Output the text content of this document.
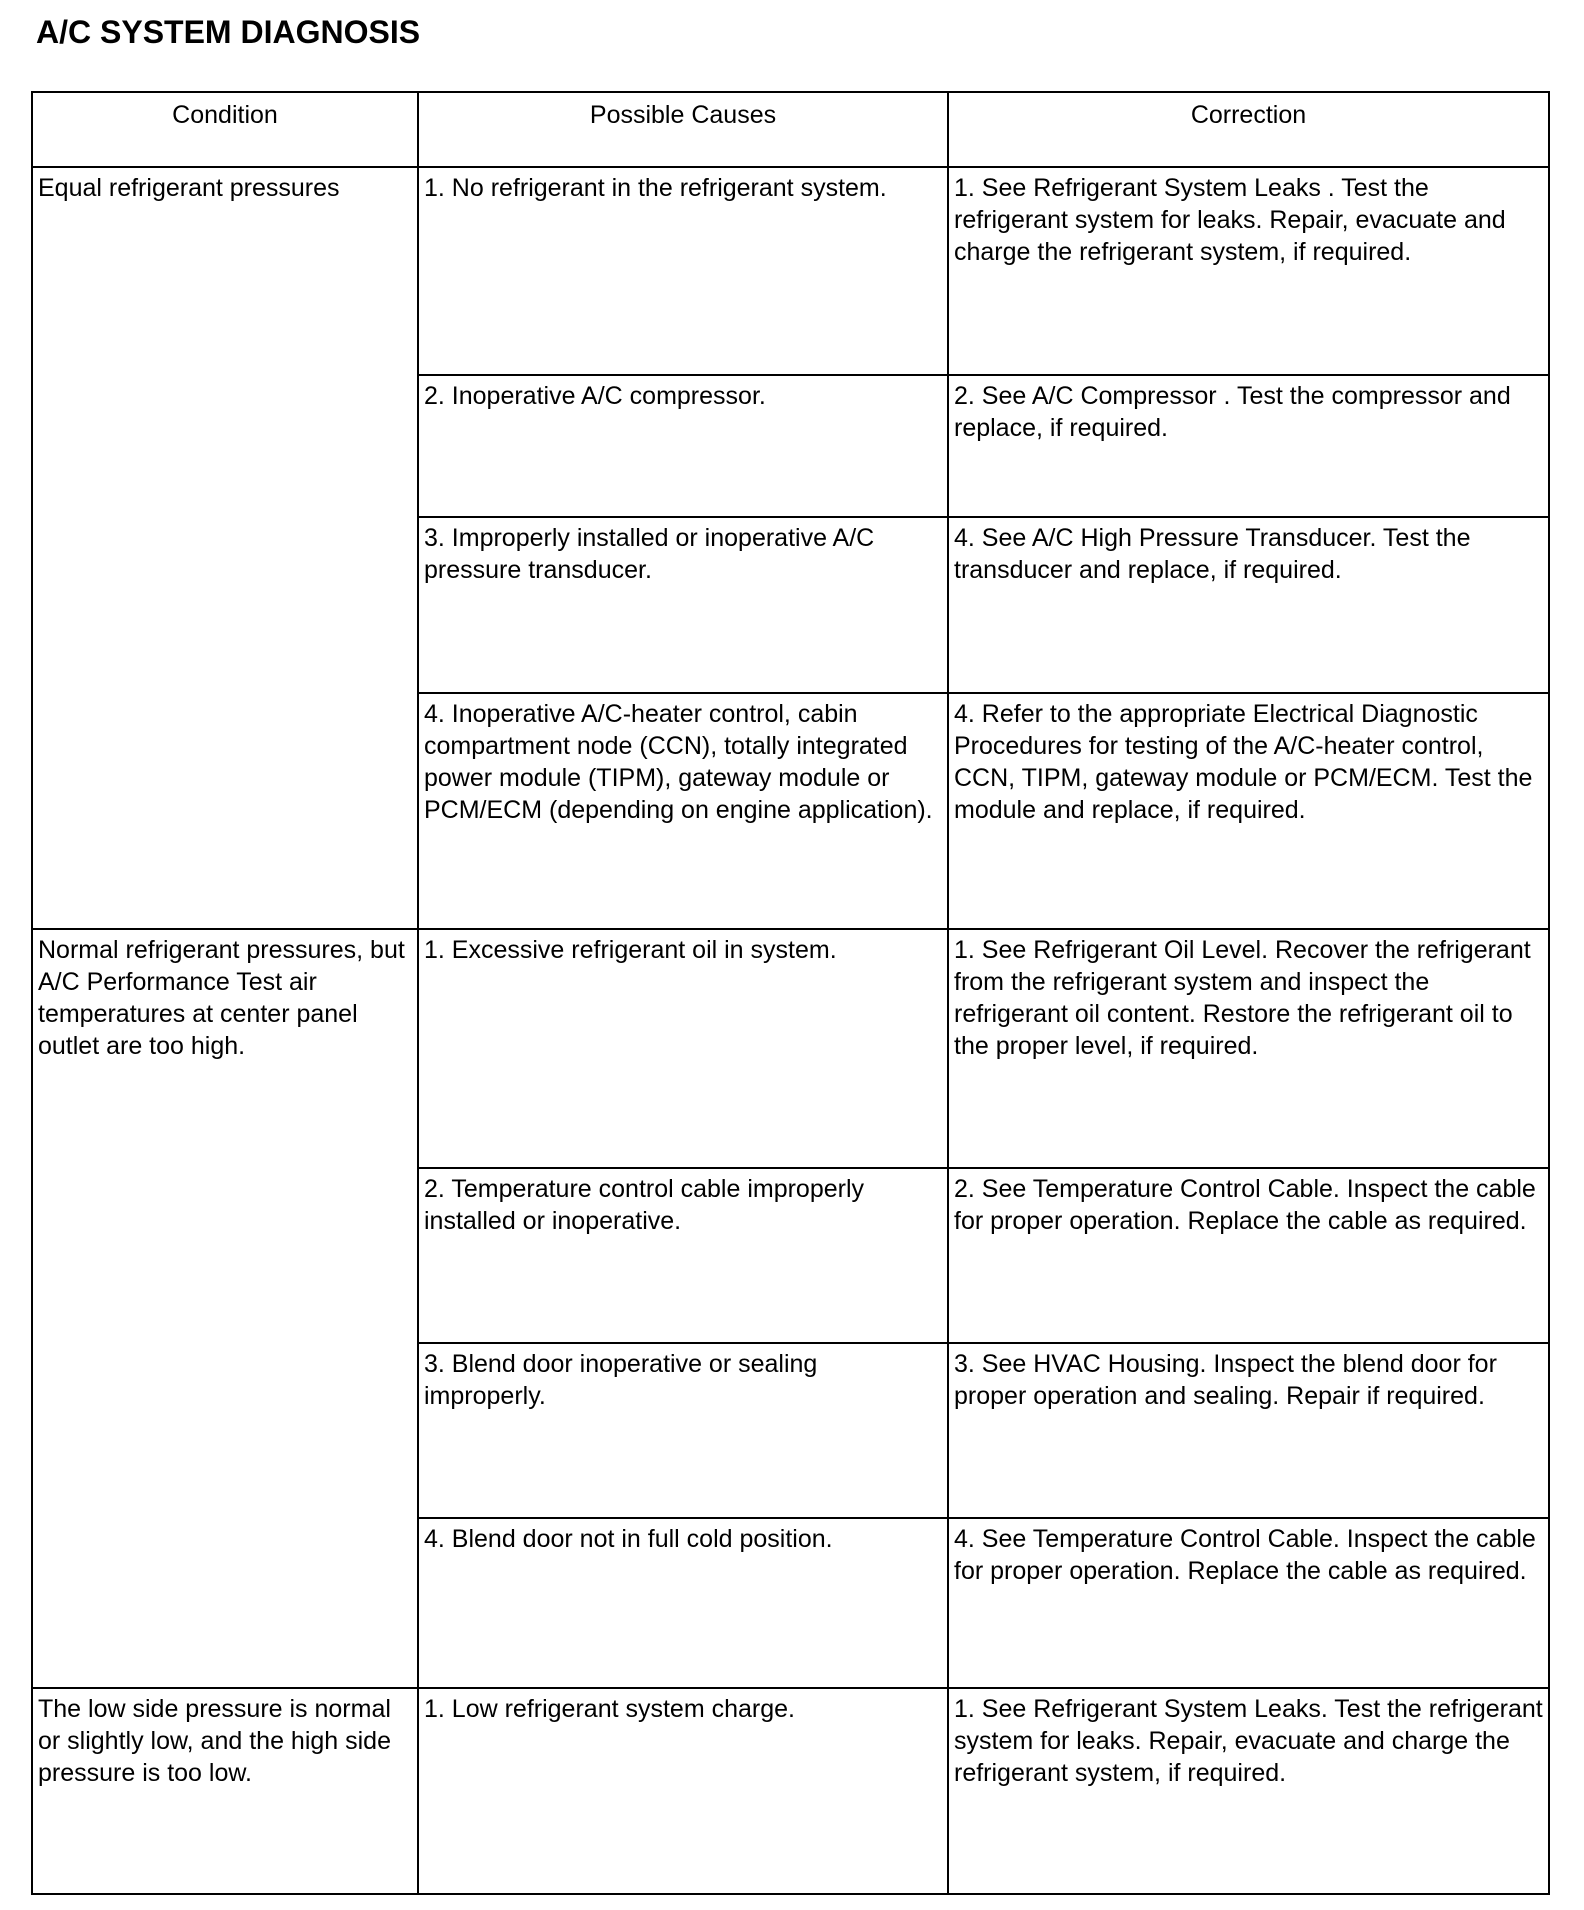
A/C SYSTEM DIAGNOSIS
Condition	Possible Causes	Correction
Equal refrigerant pressures	1. No refrigerant in the refrigerant system.	1. See Refrigerant System Leaks . Test the refrigerant system for leaks. Repair, evacuate and charge the refrigerant system, if required.
	2. Inoperative A/C compressor.	2. See A/C Compressor . Test the compressor and replace, if required.
	3. Improperly installed or inoperative A/C pressure transducer.	4. See A/C High Pressure Transducer. Test the transducer and replace, if required.
	4. Inoperative A/C-heater control, cabin compartment node (CCN), totally integrated power module (TIPM), gateway module or PCM/ECM (depending on engine application).	4. Refer to the appropriate Electrical Diagnostic Procedures for testing of the A/C-heater control, CCN, TIPM, gateway module or PCM/ECM. Test the module and replace, if required.
Normal refrigerant pressures, but A/C Performance Test air temperatures at center panel outlet are too high.	1. Excessive refrigerant oil in system.	1. See Refrigerant Oil Level. Recover the refrigerant from the refrigerant system and inspect the refrigerant oil content. Restore the refrigerant oil to the proper level, if required.
	2. Temperature control cable improperly installed or inoperative.	2. See Temperature Control Cable. Inspect the cable for proper operation. Replace the cable as required.
	3. Blend door inoperative or sealing improperly.	3. See HVAC Housing. Inspect the blend door for proper operation and sealing. Repair if required.
	4. Blend door not in full cold position.	4. See Temperature Control Cable. Inspect the cable for proper operation. Replace the cable as required.
The low side pressure is normal or slightly low, and the high side pressure is too low.	1. Low refrigerant system charge.	1. See Refrigerant System Leaks. Test the refrigerant system for leaks. Repair, evacuate and charge the refrigerant system, if required.
